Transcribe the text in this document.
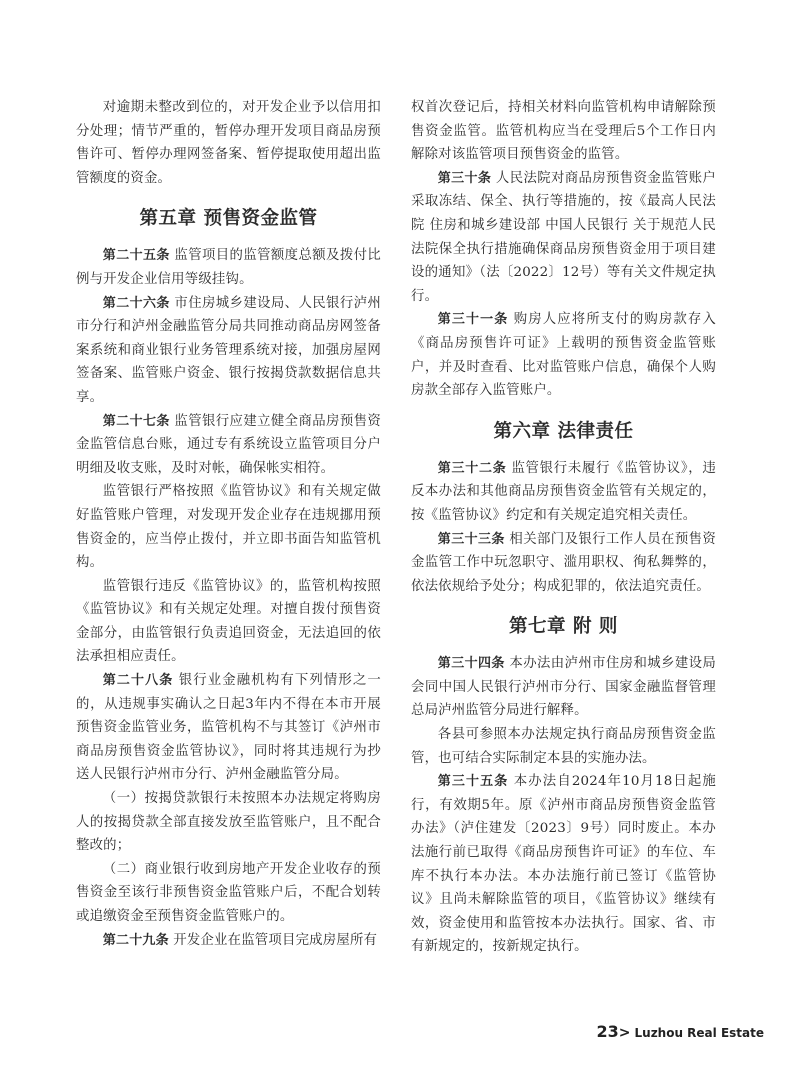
对逾期未整改到位的，对开发企业予以信用扣分处理；情节严重的，暂停办理开发项目商品房预售许可、暂停办理网签备案、暂停提取使用超出监管额度的资金。

第五章 预售资金监管

第二十五条 监管项目的监管额度总额及拨付比例与开发企业信用等级挂钩。

第二十六条 市住房城乡建设局、人民银行泸州市分行和泸州金融监管分局共同推动商品房网签备案系统和商业银行业务管理系统对接，加强房屋网签备案、监管账户资金、银行按揭贷款数据信息共享。

第二十七条 监管银行应建立健全商品房预售资金监管信息台账，通过专有系统设立监管项目分户明细及收支账，及时对帐，确保帐实相符。

监管银行严格按照《监管协议》和有关规定做好监管账户管理，对发现开发企业存在违规挪用预售资金的，应当停止拨付，并立即书面告知监管机构。

监管银行违反《监管协议》的，监管机构按照《监管协议》和有关规定处理。对擅自拨付预售资金部分，由监管银行负责追回资金，无法追回的依法承担相应责任。

第二十八条 银行业金融机构有下列情形之一的，从违规事实确认之日起3年内不得在本市开展预售资金监管业务，监管机构不与其签订《泸州市商品房预售资金监管协议》，同时将其违规行为抄送人民银行泸州市分行、泸州金融监管分局。

（一）按揭贷款银行未按照本办法规定将购房人的按揭贷款全部直接发放至监管账户，且不配合整改的；

（二）商业银行收到房地产开发企业收存的预售资金至该行非预售资金监管账户后，不配合划转或追缴资金至预售资金监管账户的。

第二十九条 开发企业在监管项目完成房屋所有

权首次登记后，持相关材料向监管机构申请解除预售资金监管。监管机构应当在受理后5个工作日内解除对该监管项目预售资金的监管。

第三十条 人民法院对商品房预售资金监管账户采取冻结、保全、执行等措施的，按《最高人民法院 住房和城乡建设部 中国人民银行 关于规范人民法院保全执行措施确保商品房预售资金用于项目建设的通知》（法〔2022〕12号）等有关文件规定执行。

第三十一条 购房人应将所支付的购房款存入《商品房预售许可证》上载明的预售资金监管账户，并及时查看、比对监管账户信息，确保个人购房款全部存入监管账户。

第六章 法律责任

第三十二条 监管银行未履行《监管协议》，违反本办法和其他商品房预售资金监管有关规定的，按《监管协议》约定和有关规定追究相关责任。

第三十三条 相关部门及银行工作人员在预售资金监管工作中玩忽职守、滥用职权、徇私舞弊的，依法依规给予处分；构成犯罪的，依法追究责任。

第七章 附 则

第三十四条 本办法由泸州市住房和城乡建设局会同中国人民银行泸州市分行、国家金融监督管理总局泸州监管分局进行解释。

各县可参照本办法规定执行商品房预售资金监管，也可结合实际制定本县的实施办法。

第三十五条 本办法自2024年10月18日起施行，有效期5年。原《泸州市商品房预售资金监管办法》（泸住建发〔2023〕9号）同时废止。本办法施行前已取得《商品房预售许可证》的车位、车库不执行本办法。本办法施行前已签订《监管协议》且尚未解除监管的项目，《监管协议》继续有效，资金使用和监管按本办法执行。国家、省、市有新规定的，按新规定执行。

23> Luzhou Real Estate
